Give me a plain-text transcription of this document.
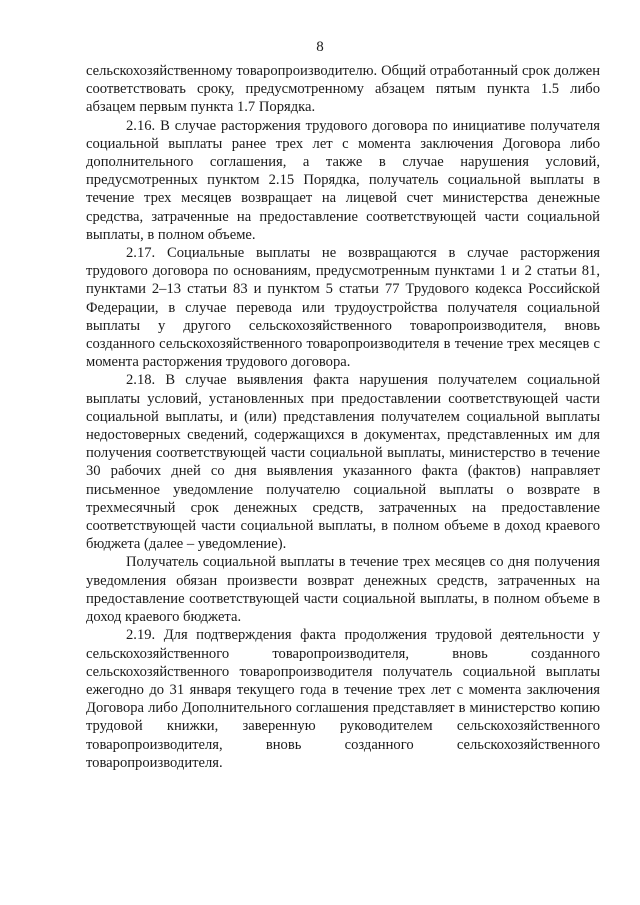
8

сельскохозяйственному товаропроизводителю. Общий отработанный срок должен соответствовать сроку, предусмотренному абзацем пятым пункта 1.5 либо абзацем первым пункта 1.7 Порядка.

2.16. В случае расторжения трудового договора по инициативе получателя социальной выплаты ранее трех лет с момента заключения Договора либо дополнительного соглашения, а также в случае нарушения условий, предусмотренных пунктом 2.15 Порядка, получатель социальной выплаты в течение трех месяцев возвращает на лицевой счет министерства денежные средства, затраченные на предоставление соответствующей части социальной выплаты, в полном объеме.

2.17. Социальные выплаты не возвращаются в случае расторжения трудового договора по основаниям, предусмотренным пунктами 1 и 2 статьи 81, пунктами 2–13 статьи 83 и пунктом 5 статьи 77 Трудового кодекса Российской Федерации, в случае перевода или трудоустройства получателя социальной выплаты у другого сельскохозяйственного товаропроизводителя, вновь созданного сельскохозяйственного товаропроизводителя в течение трех месяцев с момента расторжения трудового договора.

2.18. В случае выявления факта нарушения получателем социальной выплаты условий, установленных при предоставлении соответствующей части социальной выплаты, и (или) представления получателем социальной выплаты недостоверных сведений, содержащихся в документах, представленных им для получения соответствующей части социальной выплаты, министерство в течение 30 рабочих дней со дня выявления указанного факта (фактов) направляет письменное уведомление получателю социальной выплаты о возврате в трехмесячный срок денежных средств, затраченных на предоставление соответствующей части социальной выплаты, в полном объеме в доход краевого бюджета (далее – уведомление).

Получатель социальной выплаты в течение трех месяцев со дня получения уведомления обязан произвести возврат денежных средств, затраченных на предоставление соответствующей части социальной выплаты, в полном объеме в доход краевого бюджета.

2.19. Для подтверждения факта продолжения трудовой деятельности у сельскохозяйственного товаропроизводителя, вновь созданного сельскохозяйственного товаропроизводителя получатель социальной выплаты ежегодно до 31 января текущего года в течение трех лет с момента заключения Договора либо Дополнительного соглашения представляет в министерство копию трудовой книжки, заверенную руководителем сельскохозяйственного товаропроизводителя, вновь созданного сельскохозяйственного товаропроизводителя.
